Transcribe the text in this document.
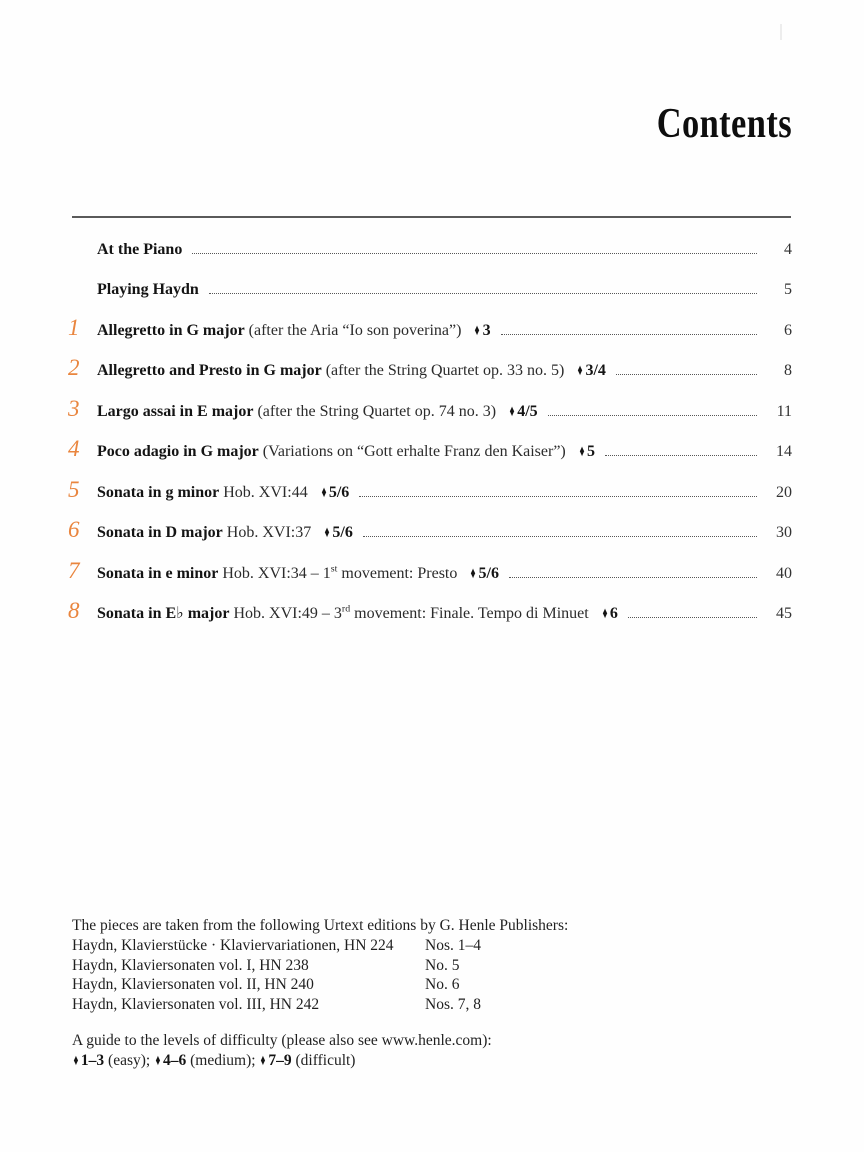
Contents

At the Piano	4

Playing Haydn	5
1	Allegretto in G major (after the Aria “Io son poverina”) ♦ 3	6
2	Allegretto and Presto in G major (after the String Quartet op. 33 no. 5) ♦ 3/4	8
3	Largo assai in E major (after the String Quartet op. 74 no. 3) ♦ 4/5	11
4	Poco adagio in G major (Variations on “Gott erhalte Franz den Kaiser”) ♦ 5	14
5	Sonata in g minor Hob. XVI:44 ♦ 5/6	20
6	Sonata in D major Hob. XVI:37 ♦ 5/6	30
7	Sonata in e minor Hob. XVI:34 – 1st movement: Presto ♦ 5/6	40
8	Sonata in E♭ major Hob. XVI:49 – 3rd movement: Finale. Tempo di Minuet ♦ 6	45
The pieces are taken from the following Urtext editions by G. Henle Publishers:
Haydn, Klavierstücke · Klaviervariationen, HN 224	Nos. 1–4
Haydn, Klaviersonaten vol. I, HN 238	No. 5
Haydn, Klaviersonaten vol. II, HN 240	No. 6
Haydn, Klaviersonaten vol. III, HN 242	Nos. 7, 8
A guide to the levels of difficulty (please also see www.henle.com):
♦ 1–3 (easy); ♦ 4–6 (medium); ♦ 7–9 (difficult)
